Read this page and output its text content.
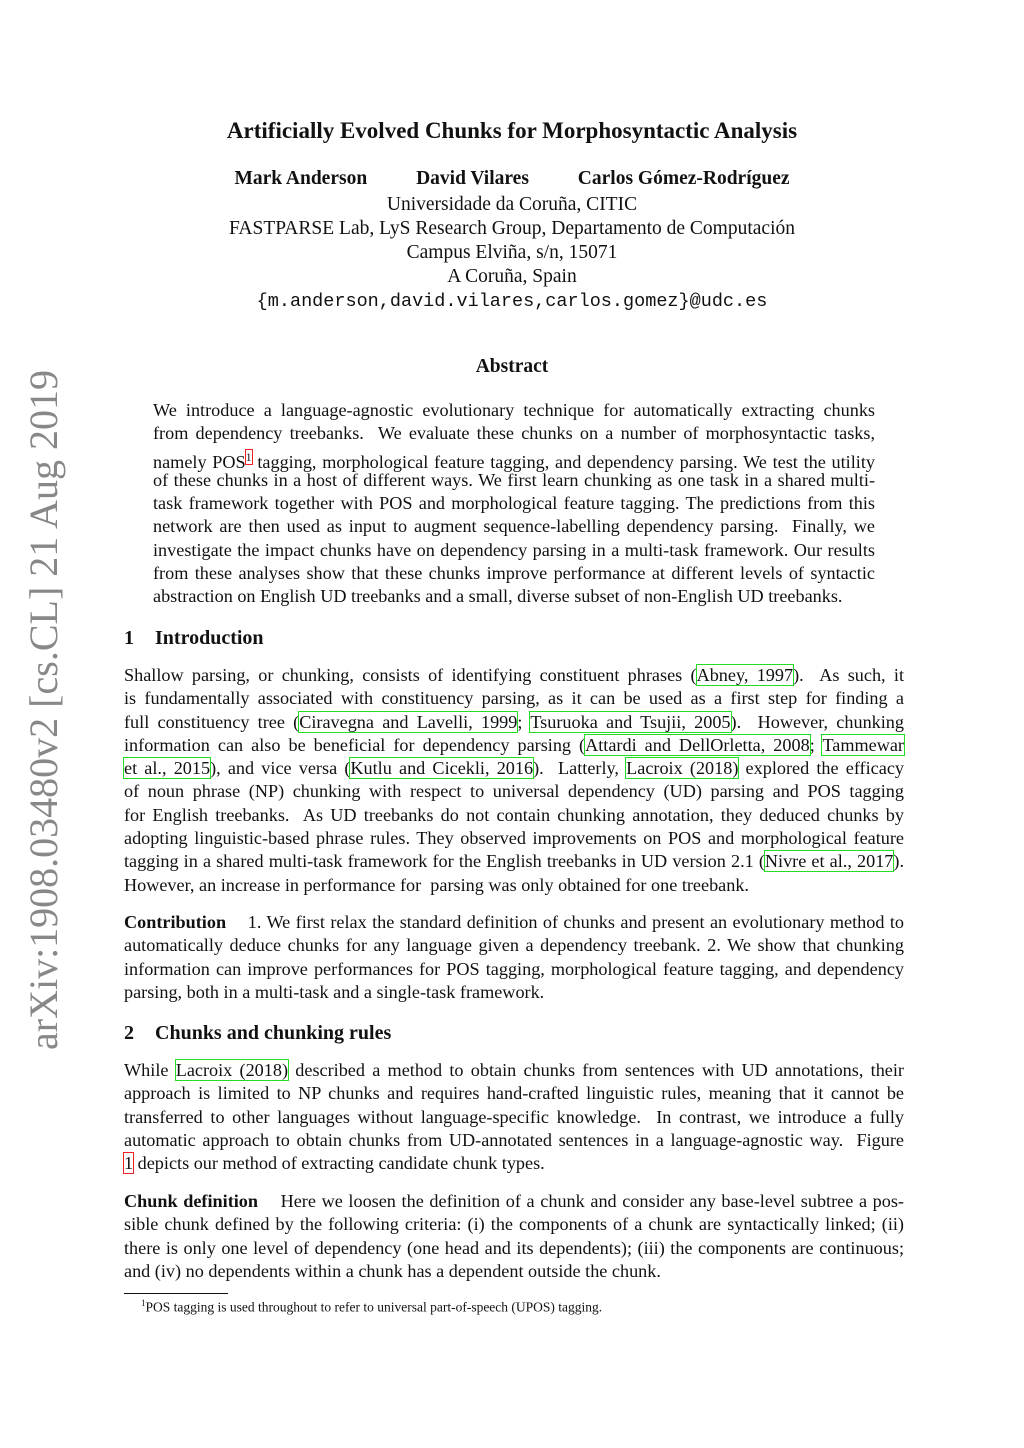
arXiv:1908.03480v2 [cs.CL] 21 Aug 2019
Artificially Evolved Chunks for Morphosyntactic Analysis
Mark Anderson	David Vilares	Carlos Gómez-Rodríguez
Universidade da Coruña, CITIC
FASTPARSE Lab, LyS Research Group, Departamento de Computación
Campus Elviña, s/n, 15071
A Coruña, Spain
{m.anderson,david.vilares,carlos.gomez}@udc.es
Abstract
We introduce a language-agnostic evolutionary technique for automatically extracting chunks
from dependency treebanks.  We evaluate these chunks on a number of morphosyntactic tasks,
namely POS$^1$ tagging, morphological feature tagging, and dependency parsing. We test the utility
of these chunks in a host of different ways. We first learn chunking as one task in a shared multi-
task framework together with POS and morphological feature tagging. The predictions from this
network are then used as input to augment sequence-labelling dependency parsing.  Finally, we
investigate the impact chunks have on dependency parsing in a multi-task framework. Our results
from these analyses show that these chunks improve performance at different levels of syntactic
abstraction on English UD treebanks and a small, diverse subset of non-English UD treebanks.
1 Introduction
Shallow parsing, or chunking, consists of identifying constituent phrases (Abney, 1997).  As such, it
is fundamentally associated with constituency parsing, as it can be used as a first step for finding a
full constituency tree (Ciravegna and Lavelli, 1999; Tsuruoka and Tsujii, 2005).  However, chunking
information can also be beneficial for dependency parsing (Attardi and DellOrletta, 2008; Tammewar
et al., 2015), and vice versa (Kutlu and Cicekli, 2016).  Latterly, Lacroix (2018) explored the efficacy
of noun phrase (NP) chunking with respect to universal dependency (UD) parsing and POS tagging
for English treebanks.  As UD treebanks do not contain chunking annotation, they deduced chunks by
adopting linguistic-based phrase rules. They observed improvements on POS and morphological feature
tagging in a shared multi-task framework for the English treebanks in UD version 2.1 (Nivre et al., 2017).
However, an increase in performance for  parsing was only obtained for one treebank.
Contribution    1. We first relax the standard definition of chunks and present an evolutionary method to
automatically deduce chunks for any language given a dependency treebank. 2. We show that chunking
information can improve performances for POS tagging, morphological feature tagging, and dependency
parsing, both in a multi-task and a single-task framework.
2 Chunks and chunking rules
While Lacroix (2018) described a method to obtain chunks from sentences with UD annotations, their
approach is limited to NP chunks and requires hand-crafted linguistic rules, meaning that it cannot be
transferred to other languages without language-specific knowledge.  In contrast, we introduce a fully
automatic approach to obtain chunks from UD-annotated sentences in a language-agnostic way.  Figure
1 depicts our method of extracting candidate chunk types.
Chunk definition    Here we loosen the definition of a chunk and consider any base-level subtree a pos-
sible chunk defined by the following criteria: (i) the components of a chunk are syntactically linked; (ii)
there is only one level of dependency (one head and its dependents); (iii) the components are continuous;
and (iv) no dependents within a chunk has a dependent outside the chunk.
$^1$POS tagging is used throughout to refer to universal part-of-speech (UPOS) tagging.
